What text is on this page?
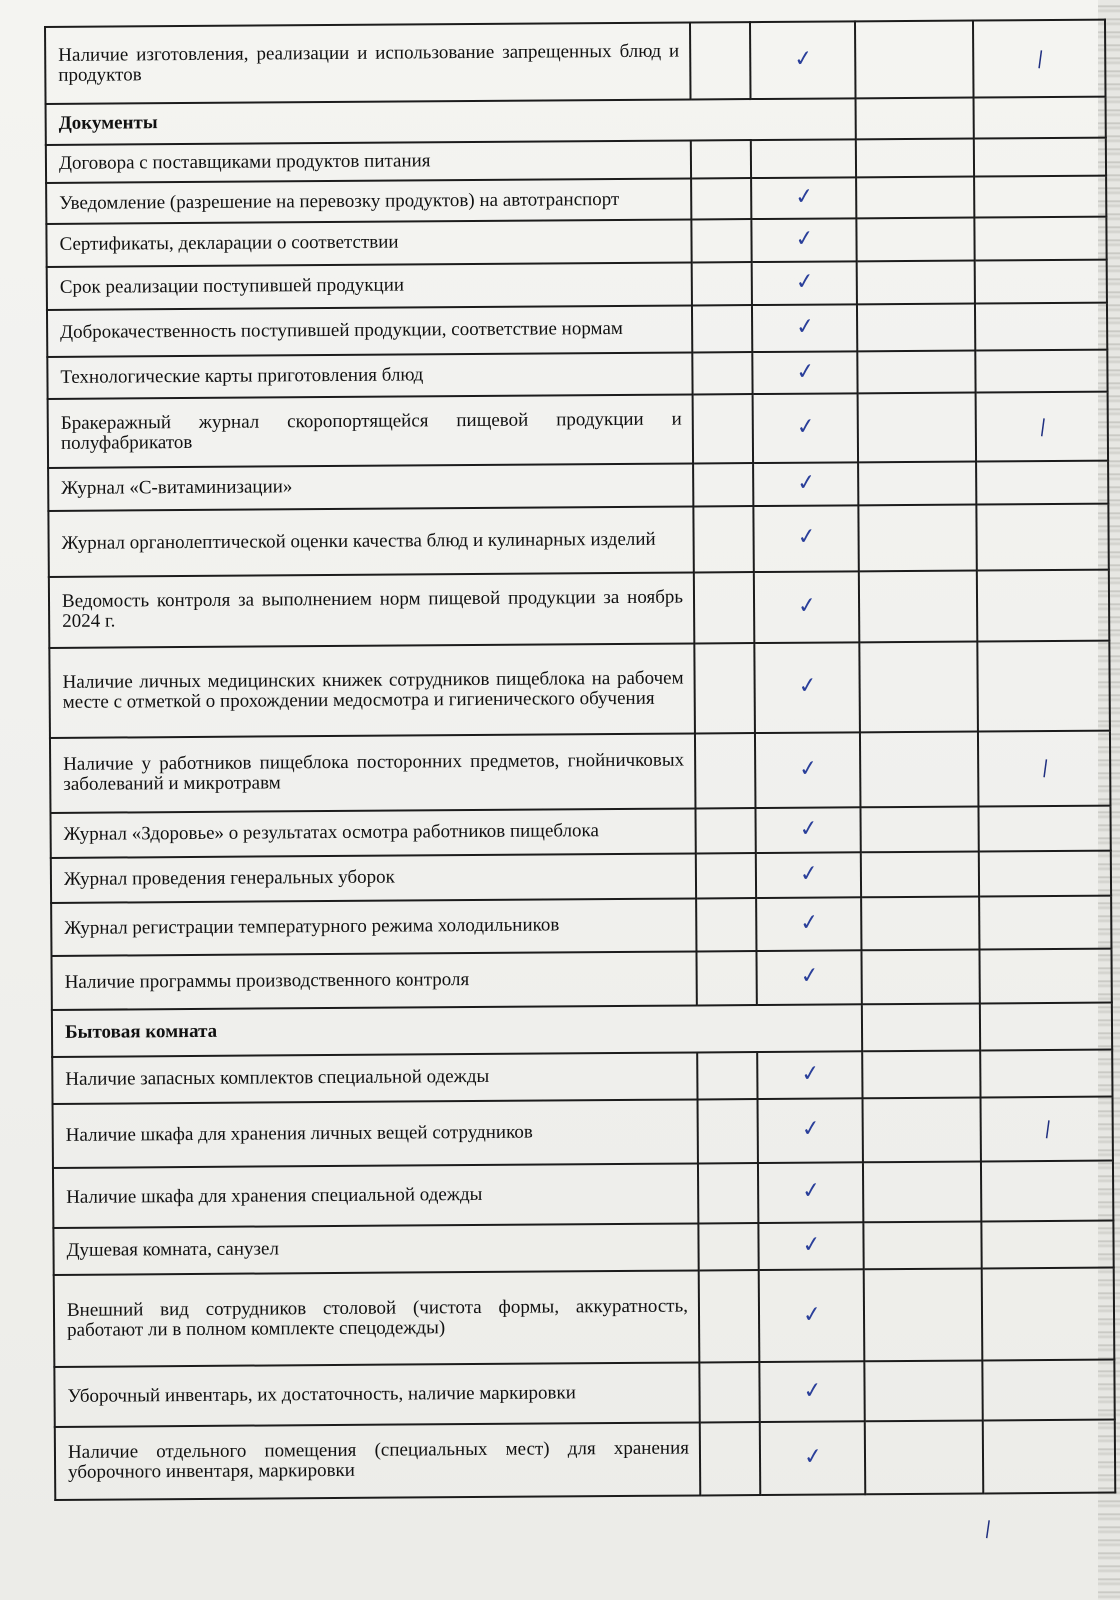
Наличие изготовления, реализации и использование запрещенных блюд и продуктов		✓		|
Документы				
Договора с поставщиками продуктов питания				
Уведомление (разрешение на перевозку продуктов) на автотранспорт		✓		
Сертификаты, декларации о соответствии		✓		
Срок реализации поступившей продукции		✓		
Доброкачественность поступившей продукции, соответствие нормам		✓		
Технологические карты приготовления блюд		✓		
Бракеражный журнал скоропортящейся пищевой продукции и полуфабрикатов		✓		|
Журнал «С-витаминизации»		✓		
Журнал органолептической оценки качества блюд и кулинарных изделий		✓		
Ведомость контроля за выполнением норм пищевой продукции за ноябрь 2024 г.		✓		
Наличие личных медицинских книжек сотрудников пищеблока на рабочем месте с отметкой о прохождении медосмотра и гигиенического обучения		✓		
Наличие у работников пищеблока посторонних предметов, гнойничковых заболеваний и микротравм		✓		|
Журнал «Здоровье» о результатах осмотра работников пищеблока		✓		
Журнал проведения генеральных уборок		✓		
Журнал регистрации температурного режима холодильников		✓		
Наличие программы производственного контроля		✓		
Бытовая комната				
Наличие запасных комплектов специальной одежды		✓		
Наличие шкафа для хранения личных вещей сотрудников		✓		|
Наличие шкафа для хранения специальной одежды		✓		
Душевая комната, санузел		✓		
Внешний вид сотрудников столовой (чистота формы, аккуратность, работают ли в полном комплекте спецодежды)		✓		
Уборочный инвентарь, их достаточность, наличие маркировки		✓		
Наличие отдельного помещения (специальных мест) для хранения уборочного инвентаря, маркировки		✓		
|
